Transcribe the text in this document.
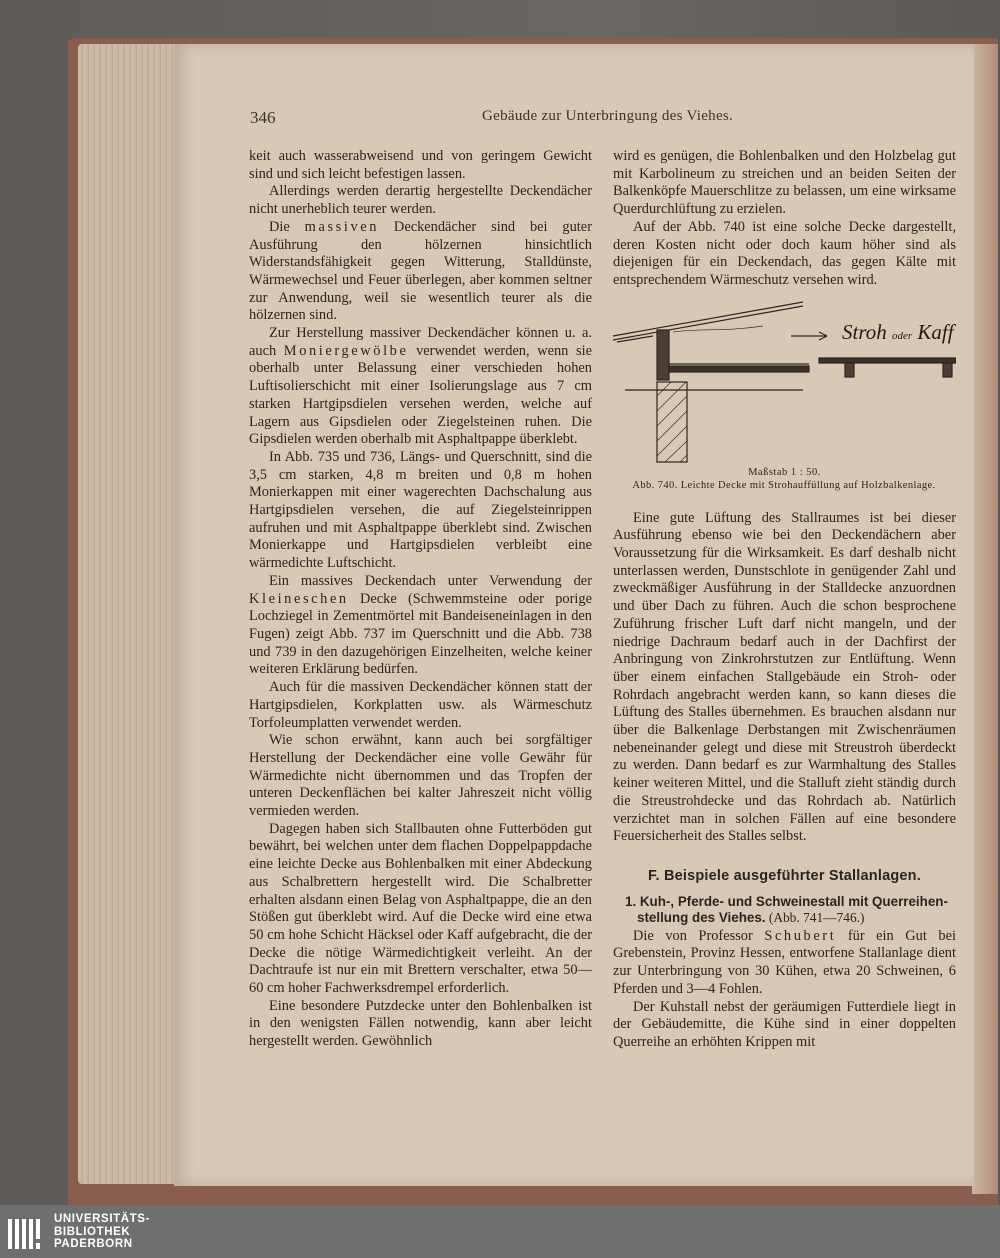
346	Gebäude zur Unterbringung des Viehes.

keit auch wasserabweisend und von geringem Gewicht sind und sich leicht befestigen lassen.

Allerdings werden derartig hergestellte Deckendächer nicht unerheblich teurer werden.

Die massiven Deckendächer sind bei guter Ausführung den hölzernen hinsichtlich Widerstandsfähigkeit gegen Witterung, Stalldünste, Wärmewechsel und Feuer überlegen, aber kommen seltner zur Anwendung, weil sie wesentlich teurer als die hölzernen sind.

Zur Herstellung massiver Deckendächer können u. a. auch Moniergewölbe verwendet werden, wenn sie oberhalb unter Belassung einer verschieden hohen Luftisolierschicht mit einer Isolierungslage aus 7 cm starken Hartgipsdielen versehen werden, welche auf Lagern aus Gipsdielen oder Ziegelsteinen ruhen. Die Gipsdielen werden oberhalb mit Asphaltpappe überklebt.

In Abb. 735 und 736, Längs- und Querschnitt, sind die 3,5 cm starken, 4,8 m breiten und 0,8 m hohen Monierkappen mit einer wagerechten Dachschalung aus Hartgipsdielen versehen, die auf Ziegelsteinrippen aufruhen und mit Asphaltpappe überklebt sind. Zwischen Monierkappe und Hartgipsdielen verbleibt eine wärmedichte Luftschicht.

Ein massives Deckendach unter Verwendung der Kleineschen Decke (Schwemmsteine oder porige Lochziegel in Zementmörtel mit Bandeiseneinlagen in den Fugen) zeigt Abb. 737 im Querschnitt und die Abb. 738 und 739 in den dazugehörigen Einzelheiten, welche keiner weiteren Erklärung bedürfen.

Auch für die massiven Deckendächer können statt der Hartgipsdielen, Korkplatten usw. als Wärmeschutz Torfoleumplatten verwendet werden.

Wie schon erwähnt, kann auch bei sorgfältiger Herstellung der Deckendächer eine volle Gewähr für Wärmedichte nicht übernommen und das Tropfen der unteren Deckenflächen bei kalter Jahreszeit nicht völlig vermieden werden.

Dagegen haben sich Stallbauten ohne Futterböden gut bewährt, bei welchen unter dem flachen Doppelpappdache eine leichte Decke aus Bohlenbalken mit einer Abdeckung aus Schalbrettern hergestellt wird. Die Schalbretter erhalten alsdann einen Belag von Asphaltpappe, die an den Stößen gut überklebt wird. Auf die Decke wird eine etwa 50 cm hohe Schicht Häcksel oder Kaff aufgebracht, die der Decke die nötige Wärmedichtigkeit verleiht. An der Dachtraufe ist nur ein mit Brettern verschalter, etwa 50—60 cm hoher Fachwerksdrempel erforderlich.

Eine besondere Putzdecke unter den Bohlenbalken ist in den wenigsten Fällen notwendig, kann aber leicht hergestellt werden. Gewöhnlich

wird es genügen, die Bohlenbalken und den Holzbelag gut mit Karbolineum zu streichen und an beiden Seiten der Balkenköpfe Mauerschlitze zu belassen, um eine wirksame Querdurchlüftung zu erzielen.

Auf der Abb. 740 ist eine solche Decke dargestellt, deren Kosten nicht oder doch kaum höher sind als diejenigen für ein Deckendach, das gegen Kälte mit entsprechendem Wärmeschutz versehen wird.

Stroh oder Kaff
Maßstab 1 : 50.
Abb. 740. Leichte Decke mit Strohauffüllung auf Holzbalkenlage.

Eine gute Lüftung des Stallraumes ist bei dieser Ausführung ebenso wie bei den Deckendächern aber Voraussetzung für die Wirksamkeit. Es darf deshalb nicht unterlassen werden, Dunstschlote in genügender Zahl und zweckmäßiger Ausführung in der Stalldecke anzuordnen und über Dach zu führen. Auch die schon besprochene Zuführung frischer Luft darf nicht mangeln, und der niedrige Dachraum bedarf auch in der Dachfirst der Anbringung von Zinkrohrstutzen zur Entlüftung. Wenn über einem einfachen Stallgebäude ein Stroh- oder Rohrdach angebracht werden kann, so kann dieses die Lüftung des Stalles übernehmen. Es brauchen alsdann nur über die Balkenlage Derbstangen mit Zwischenräumen nebeneinander gelegt und diese mit Streustroh überdeckt zu werden. Dann bedarf es zur Warmhaltung des Stalles keiner weiteren Mittel, und die Stalluft zieht ständig durch die Streustrohdecke und das Rohrdach ab. Natürlich verzichtet man in solchen Fällen auf eine besondere Feuersicherheit des Stalles selbst.

F. Beispiele ausgeführter Stallanlagen.

1. Kuh-, Pferde- und Schweinestall mit Querreihen-
stellung des Viehes. (Abb. 741—746.)

Die von Professor Schubert für ein Gut bei Grebenstein, Provinz Hessen, entworfene Stallanlage dient zur Unterbringung von 30 Kühen, etwa 20 Schweinen, 6 Pferden und 3—4 Fohlen.

Der Kuhstall nebst der geräumigen Futterdiele liegt in der Gebäudemitte, die Kühe sind in einer doppelten Querreihe an erhöhten Krippen mit

UNIVERSITÄTS-
BIBLIOTHEK
PADERBORN
